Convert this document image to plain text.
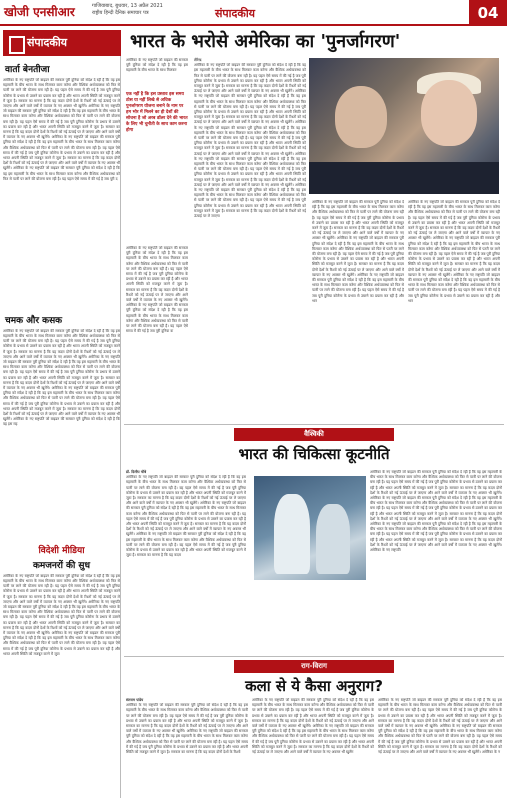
खोजी एनसीआर	गाजियाबाद, बुधवार, 13 अप्रैल 2021
राष्ट्रीय हिन्दी दैनिक समाचार पत्र	संपादकीय	04
संपादकीय
वार्ता बेनतीजा
अमेरिका के नए राष्ट्रपति जो बाइडन की सरकार पूरी दुनिया को संदेश दे रही है कि वह इस महामारी के बीच भारत के साथ मिलकर काम करेगा और वैश्विक अर्थव्यवस्था को फिर से पटरी पर लाने की योजना बना रही है। यह पहल ऐसे समय में की गई है जब पूरी दुनिया कोरोना के प्रभाव से उबरने का प्रयास कर रही है और भारत अपनी स्थिति को मजबूत करने में जुटा है। सरकार का मानना है कि यह कदम दोनों देशों के रिश्तों को नई ऊंचाई पर ले जाएगा और आने वाले वर्षों में व्यापार के नए अवसर भी खुलेंगे। अमेरिका के नए राष्ट्रपति जो बाइडन की सरकार पूरी दुनिया को संदेश दे रही है कि वह इस महामारी के बीच भारत के साथ मिलकर काम करेगा और वैश्विक अर्थव्यवस्था को फिर से पटरी पर लाने की योजना बना रही है। यह पहल ऐसे समय में की गई है जब पूरी दुनिया कोरोना के प्रभाव से उबरने का प्रयास कर रही है और भारत अपनी स्थिति को मजबूत करने में जुटा है। सरकार का मानना है कि यह कदम दोनों देशों के रिश्तों को नई ऊंचाई पर ले जाएगा और आने वाले वर्षों में व्यापार के नए अवसर भी खुलेंगे। अमेरिका के नए राष्ट्रपति जो बाइडन की सरकार पूरी दुनिया को संदेश दे रही है कि वह इस महामारी के बीच भारत के साथ मिलकर काम करेगा और वैश्विक अर्थव्यवस्था को फिर से पटरी पर लाने की योजना बना रही है। यह पहल ऐसे समय में की गई है जब पूरी दुनिया कोरोना के प्रभाव से उबरने का प्रयास कर रही है और भारत अपनी स्थिति को मजबूत करने में जुटा है। सरकार का मानना है कि यह कदम दोनों देशों के रिश्तों को नई ऊंचाई पर ले जाएगा और आने वाले वर्षों में व्यापार के नए अवसर भी खुलेंगे। अमेरिका के नए राष्ट्रपति जो बाइडन की सरकार पूरी दुनिया को संदेश दे रही है कि वह इस महामारी के बीच भारत के साथ मिलकर काम करेगा और वैश्विक अर्थव्यवस्था को फिर से पटरी पर लाने की योजना बना रही है। यह पहल ऐसे समय में की गई है जब पूरी द
चमक और कसक
अमेरिका के नए राष्ट्रपति जो बाइडन की सरकार पूरी दुनिया को संदेश दे रही है कि वह इस महामारी के बीच भारत के साथ मिलकर काम करेगा और वैश्विक अर्थव्यवस्था को फिर से पटरी पर लाने की योजना बना रही है। यह पहल ऐसे समय में की गई है जब पूरी दुनिया कोरोना के प्रभाव से उबरने का प्रयास कर रही है और भारत अपनी स्थिति को मजबूत करने में जुटा है। सरकार का मानना है कि यह कदम दोनों देशों के रिश्तों को नई ऊंचाई पर ले जाएगा और आने वाले वर्षों में व्यापार के नए अवसर भी खुलेंगे। अमेरिका के नए राष्ट्रपति जो बाइडन की सरकार पूरी दुनिया को संदेश दे रही है कि वह इस महामारी के बीच भारत के साथ मिलकर काम करेगा और वैश्विक अर्थव्यवस्था को फिर से पटरी पर लाने की योजना बना रही है। यह पहल ऐसे समय में की गई है जब पूरी दुनिया कोरोना के प्रभाव से उबरने का प्रयास कर रही है और भारत अपनी स्थिति को मजबूत करने में जुटा है। सरकार का मानना है कि यह कदम दोनों देशों के रिश्तों को नई ऊंचाई पर ले जाएगा और आने वाले वर्षों में व्यापार के नए अवसर भी खुलेंगे। अमेरिका के नए राष्ट्रपति जो बाइडन की सरकार पूरी दुनिया को संदेश दे रही है कि वह इस महामारी के बीच भारत के साथ मिलकर काम करेगा और वैश्विक अर्थव्यवस्था को फिर से पटरी पर लाने की योजना बना रही है। यह पहल ऐसे समय में की गई है जब पूरी दुनिया कोरोना के प्रभाव से उबरने का प्रयास कर रही है और भारत अपनी स्थिति को मजबूत करने में जुटा है। सरकार का मानना है कि यह कदम दोनों देशों के रिश्तों को नई ऊंचाई पर ले जाएगा और आने वाले वर्षों में व्यापार के नए अवसर भी खुलेंगे। अमेरिका के नए राष्ट्रपति जो बाइडन की सरकार पूरी दुनिया को संदेश दे रही है कि वह इस मह
विदेशी मीडिया
कमजनरों की सुध
अमेरिका के नए राष्ट्रपति जो बाइडन की सरकार पूरी दुनिया को संदेश दे रही है कि वह इस महामारी के बीच भारत के साथ मिलकर काम करेगा और वैश्विक अर्थव्यवस्था को फिर से पटरी पर लाने की योजना बना रही है। यह पहल ऐसे समय में की गई है जब पूरी दुनिया कोरोना के प्रभाव से उबरने का प्रयास कर रही है और भारत अपनी स्थिति को मजबूत करने में जुटा है। सरकार का मानना है कि यह कदम दोनों देशों के रिश्तों को नई ऊंचाई पर ले जाएगा और आने वाले वर्षों में व्यापार के नए अवसर भी खुलेंगे। अमेरिका के नए राष्ट्रपति जो बाइडन की सरकार पूरी दुनिया को संदेश दे रही है कि वह इस महामारी के बीच भारत के साथ मिलकर काम करेगा और वैश्विक अर्थव्यवस्था को फिर से पटरी पर लाने की योजना बना रही है। यह पहल ऐसे समय में की गई है जब पूरी दुनिया कोरोना के प्रभाव से उबरने का प्रयास कर रही है और भारत अपनी स्थिति को मजबूत करने में जुटा है। सरकार का मानना है कि यह कदम दोनों देशों के रिश्तों को नई ऊंचाई पर ले जाएगा और आने वाले वर्षों में व्यापार के नए अवसर भी खुलेंगे। अमेरिका के नए राष्ट्रपति जो बाइडन की सरकार पूरी दुनिया को संदेश दे रही है कि वह इस महामारी के बीच भारत के साथ मिलकर काम करेगा और वैश्विक अर्थव्यवस्था को फिर से पटरी पर लाने की योजना बना रही है। यह पहल ऐसे समय में की गई है जब पूरी दुनिया कोरोना के प्रभाव से उबरने का प्रयास कर रही है और भारत अपनी स्थिति को मजबूत करने में जुटा
भारत के भरोसे अमेरिका का 'पुनर्जागरण'
अमेरिका के नए राष्ट्रपति जो बाइडन की सरकार पूरी दुनिया को संदेश दे रही है कि वह इस महामारी के बीच भारत के साथ मिलकर
एक नहीं है कि इस प्रस्ताव इस समय ठोस या नहीं लिखे से अधिक पुनर्जागरण योजना बनाने के नाम पर हम भोर में मिलने का ही देशों की सोचना है जो अरब डॉलर देने की भारत के लिए भी चुनौती के साथ काम करना होगा
तीरेन्द्र
अमेरिका के नए राष्ट्रपति जो बाइडन की सरकार पूरी दुनिया को संदेश दे रही है कि वह इस महामारी के बीच भारत के साथ मिलकर काम करेगा और वैश्विक अर्थव्यवस्था को फिर से पटरी पर लाने की योजना बना रही है। यह पहल ऐसे समय में की गई है जब पूरी दुनिया कोरोना के प्रभाव से उबरने का प्रयास कर रही है और भारत अपनी स्थिति को मजबूत करने में जुटा है। सरकार का मानना है कि यह कदम दोनों देशों के रिश्तों को नई ऊंचाई पर ले जाएगा और आने वाले वर्षों में व्यापार के नए अवसर भी खुलेंगे। अमेरिका के नए राष्ट्रपति जो बाइडन की सरकार पूरी दुनिया को संदेश दे रही है कि वह इस महामारी के बीच भारत के साथ मिलकर काम करेगा और वैश्विक अर्थव्यवस्था को फिर से पटरी पर लाने की योजना बना रही है। यह पहल ऐसे समय में की गई है जब पूरी दुनिया कोरोना के प्रभाव से उबरने का प्रयास कर रही है और भारत अपनी स्थिति को मजबूत करने में जुटा है। सरकार का मानना है कि यह कदम दोनों देशों के रिश्तों को नई ऊंचाई पर ले जाएगा और आने वाले वर्षों में व्यापार के नए अवसर भी खुलेंगे। अमेरिका के नए राष्ट्रपति जो बाइडन की सरकार पूरी दुनिया को संदेश दे रही है कि वह इस महामारी के बीच भारत के साथ मिलकर काम करेगा और वैश्विक अर्थव्यवस्था को फिर से पटरी पर लाने की योजना बना रही है। यह पहल ऐसे समय में की गई है जब पूरी दुनिया कोरोना के प्रभाव से उबरने का प्रयास कर रही है और भारत अपनी स्थिति को मजबूत करने में जुटा है। सरकार का मानना है कि यह कदम दोनों देशों के रिश्तों को नई ऊंचाई पर ले जाएगा और आने वाले वर्षों में व्यापार के नए अवसर भी खुलेंगे। अमेरिका के नए राष्ट्रपति जो बाइडन की सरकार पूरी दुनिया को संदेश दे रही है कि वह इस महामारी के बीच भारत के साथ मिलकर काम करेगा और वैश्विक अर्थव्यवस्था को फिर से पटरी पर लाने की योजना बना रही है। यह पहल ऐसे समय में की गई है जब पूरी दुनिया कोरोना के प्रभाव से उबरने का प्रयास कर रही है और भारत अपनी स्थिति को मजबूत करने में जुटा है। सरकार का मानना है कि यह कदम दोनों देशों के रिश्तों को नई ऊंचाई पर ले जाएगा और आने वाले वर्षों में व्यापार के नए अवसर भी खुलेंगे। अमेरिका के नए राष्ट्रपति जो बाइडन की सरकार पूरी दुनिया को संदेश दे रही है कि वह इस महामारी के बीच भारत के साथ मिलकर काम करेगा और वैश्विक अर्थव्यवस्था को फिर से पटरी पर लाने की योजना बना रही है। यह पहल ऐसे समय में की गई है जब पूरी दुनिया कोरोना के प्रभाव से उबरने का प्रयास कर रही है और भारत अपनी स्थिति को मजबूत करने में जुटा है। सरकार का मानना है कि यह कदम दोनों देशों के रिश्तों को नई ऊंचाई पर ले जाएगा
अमेरिका के नए राष्ट्रपति जो बाइडन की सरकार पूरी दुनिया को संदेश दे रही है कि वह इस महामारी के बीच भारत के साथ मिलकर काम करेगा और वैश्विक अर्थव्यवस्था को फिर से पटरी पर लाने की योजना बना रही है। यह पहल ऐसे समय में की गई है जब पूरी दुनिया कोरोना के प्रभाव से उबरने का प्रयास कर रही है और भारत अपनी स्थिति को मजबूत करने में जुटा है। सरकार का मानना है कि यह कदम दोनों देशों के रिश्तों को नई ऊंचाई पर ले जाएगा और आने वाले वर्षों में व्यापार के नए अवसर भी खुलेंगे। अमेरिका के नए राष्ट्रपति जो बाइडन की सरकार पूरी दुनिया को संदेश दे रही है कि वह इस महामारी के बीच भारत के साथ मिलकर काम करेगा और वैश्विक अर्थव्यवस्था को फिर से पटरी पर लाने की योजना बना रही है। यह पहल ऐसे समय में की गई है जब पूरी दुनिया क
अमेरिका के नए राष्ट्रपति जो बाइडन की सरकार पूरी दुनिया को संदेश दे रही है कि वह इस महामारी के बीच भारत के साथ मिलकर काम करेगा और वैश्विक अर्थव्यवस्था को फिर से पटरी पर लाने की योजना बना रही है। यह पहल ऐसे समय में की गई है जब पूरी दुनिया कोरोना के प्रभाव से उबरने का प्रयास कर रही है और भारत अपनी स्थिति को मजबूत करने में जुटा है। सरकार का मानना है कि यह कदम दोनों देशों के रिश्तों को नई ऊंचाई पर ले जाएगा और आने वाले वर्षों में व्यापार के नए अवसर भी खुलेंगे। अमेरिका के नए राष्ट्रपति जो बाइडन की सरकार पूरी दुनिया को संदेश दे रही है कि वह इस महामारी के बीच भारत के साथ मिलकर काम करेगा और वैश्विक अर्थव्यवस्था को फिर से पटरी पर लाने की योजना बना रही है। यह पहल ऐसे समय में की गई है जब पूरी दुनिया कोरोना के प्रभाव से उबरने का प्रयास कर रही है और भारत अपनी स्थिति को मजबूत करने में जुटा है। सरकार का मानना है कि यह कदम दोनों देशों के रिश्तों को नई ऊंचाई पर ले जाएगा और आने वाले वर्षों में व्यापार के नए अवसर भी खुलेंगे। अमेरिका के नए राष्ट्रपति जो बाइडन की सरकार पूरी दुनिया को संदेश दे रही है कि वह इस महामारी के बीच भारत के साथ मिलकर काम करेगा और वैश्विक अर्थव्यवस्था को फिर से पटरी पर लाने की योजना बना रही है। यह पहल ऐसे समय में की गई है जब पूरी दुनिया कोरोना के प्रभाव से उबरने का प्रयास कर रही है और भार
अमेरिका के नए राष्ट्रपति जो बाइडन की सरकार पूरी दुनिया को संदेश दे रही है कि वह इस महामारी के बीच भारत के साथ मिलकर काम करेगा और वैश्विक अर्थव्यवस्था को फिर से पटरी पर लाने की योजना बना रही है। यह पहल ऐसे समय में की गई है जब पूरी दुनिया कोरोना के प्रभाव से उबरने का प्रयास कर रही है और भारत अपनी स्थिति को मजबूत करने में जुटा है। सरकार का मानना है कि यह कदम दोनों देशों के रिश्तों को नई ऊंचाई पर ले जाएगा और आने वाले वर्षों में व्यापार के नए अवसर भी खुलेंगे। अमेरिका के नए राष्ट्रपति जो बाइडन की सरकार पूरी दुनिया को संदेश दे रही है कि वह इस महामारी के बीच भारत के साथ मिलकर काम करेगा और वैश्विक अर्थव्यवस्था को फिर से पटरी पर लाने की योजना बना रही है। यह पहल ऐसे समय में की गई है जब पूरी दुनिया कोरोना के प्रभाव से उबरने का प्रयास कर रही है और भारत अपनी स्थिति को मजबूत करने में जुटा है। सरकार का मानना है कि यह कदम दोनों देशों के रिश्तों को नई ऊंचाई पर ले जाएगा और आने वाले वर्षों में व्यापार के नए अवसर भी खुलेंगे। अमेरिका के नए राष्ट्रपति जो बाइडन की सरकार पूरी दुनिया को संदेश दे रही है कि वह इस महामारी के बीच भारत के साथ मिलकर काम करेगा और वैश्विक अर्थव्यवस्था को फिर से पटरी पर लाने की योजना बना रही है। यह पहल ऐसे समय में की गई है जब पूरी दुनिया कोरोना के प्रभाव से उबरने का प्रयास कर रही है और भार
वैश्विकी
भारत की चिकित्सा कूटनीति
डॉ. दिलीप चौबे
अमेरिका के नए राष्ट्रपति जो बाइडन की सरकार पूरी दुनिया को संदेश दे रही है कि वह इस महामारी के बीच भारत के साथ मिलकर काम करेगा और वैश्विक अर्थव्यवस्था को फिर से पटरी पर लाने की योजना बना रही है। यह पहल ऐसे समय में की गई है जब पूरी दुनिया कोरोना के प्रभाव से उबरने का प्रयास कर रही है और भारत अपनी स्थिति को मजबूत करने में जुटा है। सरकार का मानना है कि यह कदम दोनों देशों के रिश्तों को नई ऊंचाई पर ले जाएगा और आने वाले वर्षों में व्यापार के नए अवसर भी खुलेंगे। अमेरिका के नए राष्ट्रपति जो बाइडन की सरकार पूरी दुनिया को संदेश दे रही है कि वह इस महामारी के बीच भारत के साथ मिलकर काम करेगा और वैश्विक अर्थव्यवस्था को फिर से पटरी पर लाने की योजना बना रही है। यह पहल ऐसे समय में की गई है जब पूरी दुनिया कोरोना के प्रभाव से उबरने का प्रयास कर रही है और भारत अपनी स्थिति को मजबूत करने में जुटा है। सरकार का मानना है कि यह कदम दोनों देशों के रिश्तों को नई ऊंचाई पर ले जाएगा और आने वाले वर्षों में व्यापार के नए अवसर भी खुलेंगे। अमेरिका के नए राष्ट्रपति जो बाइडन की सरकार पूरी दुनिया को संदेश दे रही है कि वह इस महामारी के बीच भारत के साथ मिलकर काम करेगा और वैश्विक अर्थव्यवस्था को फिर से पटरी पर लाने की योजना बना रही है। यह पहल ऐसे समय में की गई है जब पूरी दुनिया कोरोना के प्रभाव से उबरने का प्रयास कर रही है और भारत अपनी स्थिति को मजबूत करने में जुटा है। सरकार का मानना है कि यह कदम
अमेरिका के नए राष्ट्रपति जो बाइडन की सरकार पूरी दुनिया को संदेश दे रही है कि वह इस महामारी के बीच भारत के साथ मिलकर काम करेगा और वैश्विक अर्थव्यवस्था को फिर से पटरी पर लाने की योजना बना रही है। यह पहल ऐसे समय में की गई है जब पूरी दुनिया कोरोना के प्रभाव से उबरने का प्रयास कर रही है और भारत अपनी स्थिति को मजबूत करने में जुटा है। सरकार का मानना है कि यह कदम दोनों देशों के रिश्तों को नई ऊंचाई पर ले जाएगा और आने वाले वर्षों में व्यापार के नए अवसर भी खुलेंगे। अमेरिका के नए राष्ट्रपति जो बाइडन की सरकार पूरी दुनिया को संदेश दे रही है कि वह इस महामारी के बीच भारत के साथ मिलकर काम करेगा और वैश्विक अर्थव्यवस्था को फिर से पटरी पर लाने की योजना बना रही है। यह पहल ऐसे समय में की गई है जब पूरी दुनिया कोरोना के प्रभाव से उबरने का प्रयास कर रही है और भारत अपनी स्थिति को मजबूत करने में जुटा है। सरकार का मानना है कि यह कदम दोनों देशों के रिश्तों को नई ऊंचाई पर ले जाएगा और आने वाले वर्षों में व्यापार के नए अवसर भी खुलेंगे। अमेरिका के नए राष्ट्रपति जो बाइडन की सरकार पूरी दुनिया को संदेश दे रही है कि वह इस महामारी के बीच भारत के साथ मिलकर काम करेगा और वैश्विक अर्थव्यवस्था को फिर से पटरी पर लाने की योजना बना रही है। यह पहल ऐसे समय में की गई है जब पूरी दुनिया कोरोना के प्रभाव से उबरने का प्रयास कर रही है और भारत अपनी स्थिति को मजबूत करने में जुटा है। सरकार का मानना है कि यह कदम दोनों देशों के रिश्तों को नई ऊंचाई पर ले जाएगा और आने वाले वर्षों में व्यापार के नए अवसर भी खुलेंगे। अमेरिका के नए राष्ट्रपति
राग-विराग
कला से ये कैसा अनुराग?
संतराम पांडेय
अमेरिका के नए राष्ट्रपति जो बाइडन की सरकार पूरी दुनिया को संदेश दे रही है कि वह इस महामारी के बीच भारत के साथ मिलकर काम करेगा और वैश्विक अर्थव्यवस्था को फिर से पटरी पर लाने की योजना बना रही है। यह पहल ऐसे समय में की गई है जब पूरी दुनिया कोरोना के प्रभाव से उबरने का प्रयास कर रही है और भारत अपनी स्थिति को मजबूत करने में जुटा है। सरकार का मानना है कि यह कदम दोनों देशों के रिश्तों को नई ऊंचाई पर ले जाएगा और आने वाले वर्षों में व्यापार के नए अवसर भी खुलेंगे। अमेरिका के नए राष्ट्रपति जो बाइडन की सरकार पूरी दुनिया को संदेश दे रही है कि वह इस महामारी के बीच भारत के साथ मिलकर काम करेगा और वैश्विक अर्थव्यवस्था को फिर से पटरी पर लाने की योजना बना रही है। यह पहल ऐसे समय में की गई है जब पूरी दुनिया कोरोना के प्रभाव से उबरने का प्रयास कर रही है और भारत अपनी स्थिति को मजबूत करने में जुटा है। सरकार का मानना है कि यह कदम दोनों देशों के रिश्तो
अमेरिका के नए राष्ट्रपति जो बाइडन की सरकार पूरी दुनिया को संदेश दे रही है कि वह इस महामारी के बीच भारत के साथ मिलकर काम करेगा और वैश्विक अर्थव्यवस्था को फिर से पटरी पर लाने की योजना बना रही है। यह पहल ऐसे समय में की गई है जब पूरी दुनिया कोरोना के प्रभाव से उबरने का प्रयास कर रही है और भारत अपनी स्थिति को मजबूत करने में जुटा है। सरकार का मानना है कि यह कदम दोनों देशों के रिश्तों को नई ऊंचाई पर ले जाएगा और आने वाले वर्षों में व्यापार के नए अवसर भी खुलेंगे। अमेरिका के नए राष्ट्रपति जो बाइडन की सरकार पूरी दुनिया को संदेश दे रही है कि वह इस महामारी के बीच भारत के साथ मिलकर काम करेगा और वैश्विक अर्थव्यवस्था को फिर से पटरी पर लाने की योजना बना रही है। यह पहल ऐसे समय में की गई है जब पूरी दुनिया कोरोना के प्रभाव से उबरने का प्रयास कर रही है और भारत अपनी स्थिति को मजबूत करने में जुटा है। सरकार का मानना है कि यह कदम दोनों देशों के रिश्तों को नई ऊंचाई पर ले जाएगा और आने वाले वर्षों में व्यापार के नए अवसर भी खुलेंग
अमेरिका के नए राष्ट्रपति जो बाइडन की सरकार पूरी दुनिया को संदेश दे रही है कि वह इस महामारी के बीच भारत के साथ मिलकर काम करेगा और वैश्विक अर्थव्यवस्था को फिर से पटरी पर लाने की योजना बना रही है। यह पहल ऐसे समय में की गई है जब पूरी दुनिया कोरोना के प्रभाव से उबरने का प्रयास कर रही है और भारत अपनी स्थिति को मजबूत करने में जुटा है। सरकार का मानना है कि यह कदम दोनों देशों के रिश्तों को नई ऊंचाई पर ले जाएगा और आने वाले वर्षों में व्यापार के नए अवसर भी खुलेंगे। अमेरिका के नए राष्ट्रपति जो बाइडन की सरकार पूरी दुनिया को संदेश दे रही है कि वह इस महामारी के बीच भारत के साथ मिलकर काम करेगा और वैश्विक अर्थव्यवस्था को फिर से पटरी पर लाने की योजना बना रही है। यह पहल ऐसे समय में की गई है जब पूरी दुनिया कोरोना के प्रभाव से उबरने का प्रयास कर रही है और भारत अपनी स्थिति को मजबूत करने में जुटा है। सरकार का मानना है कि यह कदम दोनों देशों के रिश्तों को नई ऊंचाई पर ले जाएगा और आने वाले वर्षों में व्यापार के नए अवसर भी खुलेंगे। अमेरिका के न
